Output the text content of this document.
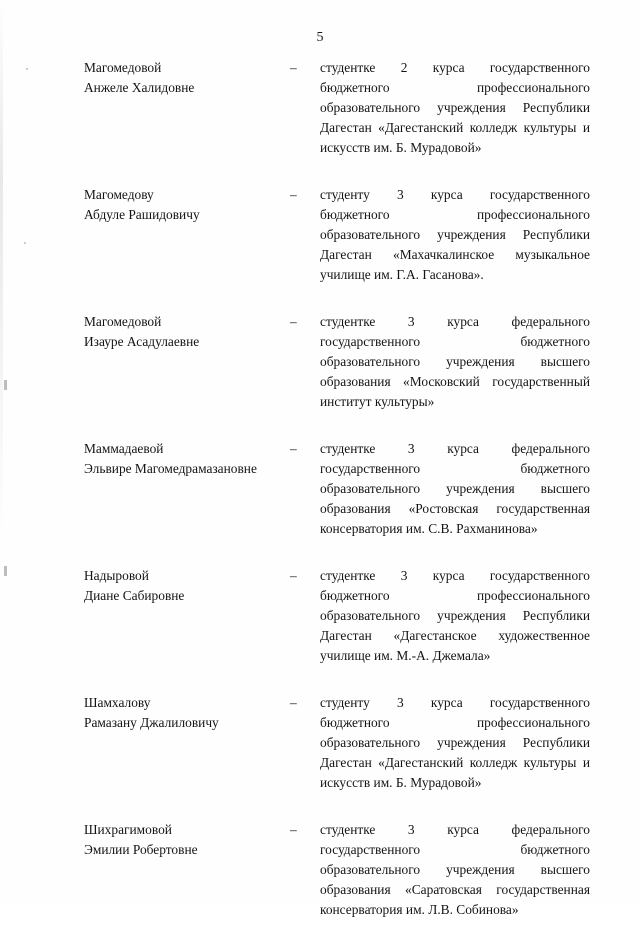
5
Магомедовой
Анжеле Халидовне
–	студентке 2 курса государственного бюджетного профессионального образовательного учреждения Республики Дагестан «Дагестанский колледж культуры и искусств им. Б. Мурадовой»
Магомедову
Абдуле Рашидовичу
–	студенту 3 курса государственного бюджетного профессионального образовательного учреждения Республики Дагестан «Махачкалинское музыкальное училище им. Г.А. Гасанова».
Магомедовой
Изауре Асадулаевне
–	студентке 3 курса федерального государственного бюджетного образовательного учреждения высшего образования «Московский государственный институт культуры»
Маммадаевой
Эльвире Магомедрамазановне
–	студентке 3 курса федерального государственного бюджетного образовательного учреждения высшего образования «Ростовская государственная консерватория им. С.В. Рахманинова»
Надыровой
Диане Сабировне
–	студентке 3 курса государственного бюджетного профессионального образовательного учреждения Республики Дагестан «Дагестанское художественное училище им. М.-А. Джемала»
Шамхалову
Рамазану Джалиловичу
–	студенту 3 курса государственного бюджетного профессионального образовательного учреждения Республики Дагестан «Дагестанский колледж культуры и искусств им. Б. Мурадовой»
Шихрагимовой
Эмилии Робертовне
–	студентке 3 курса федерального государственного бюджетного образовательного учреждения высшего образования «Саратовская государственная консерватория им. Л.В. Собинова»
